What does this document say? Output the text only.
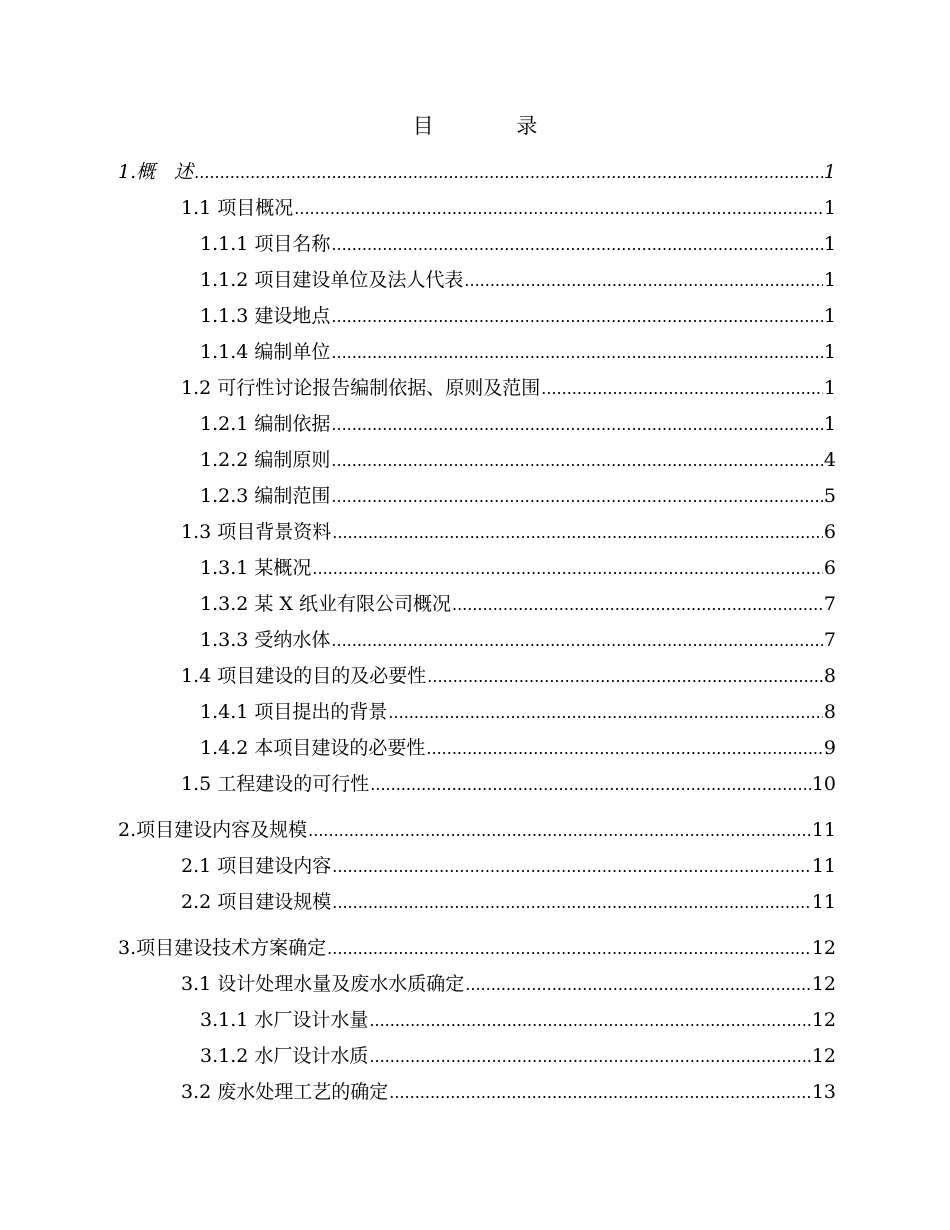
目 录
1.概　述 .....	1
1.1 项目概况 .....	1
1.1.1 项目名称 .....	1
1.1.2 项目建设单位及法人代表 .....	1
1.1.3 建设地点 .....	1
1.1.4 编制单位 .....	1
1.2 可行性讨论报告编制依据、原则及范围 .....	1
1.2.1 编制依据 .....	1
1.2.2 编制原则 .....	4
1.2.3 编制范围 .....	5
1.3 项目背景资料 .....	6
1.3.1 某概况 .....	6
1.3.2 某 X 纸业有限公司概况 .....	7
1.3.3 受纳水体 .....	7
1.4 项目建设的目的及必要性 .....	8
1.4.1 项目提出的背景 .....	8
1.4.2 本项目建设的必要性 .....	9
1.5 工程建设的可行性 .....	10
2.项目建设内容及规模 .....	11
2.1 项目建设内容 .....	11
2.2 项目建设规模 .....	11
3.项目建设技术方案确定 .....	12
3.1 设计处理水量及废水水质确定 .....	12
3.1.1 水厂设计水量 .....	12
3.1.2 水厂设计水质 .....	12
3.2 废水处理工艺的确定 .....	13
